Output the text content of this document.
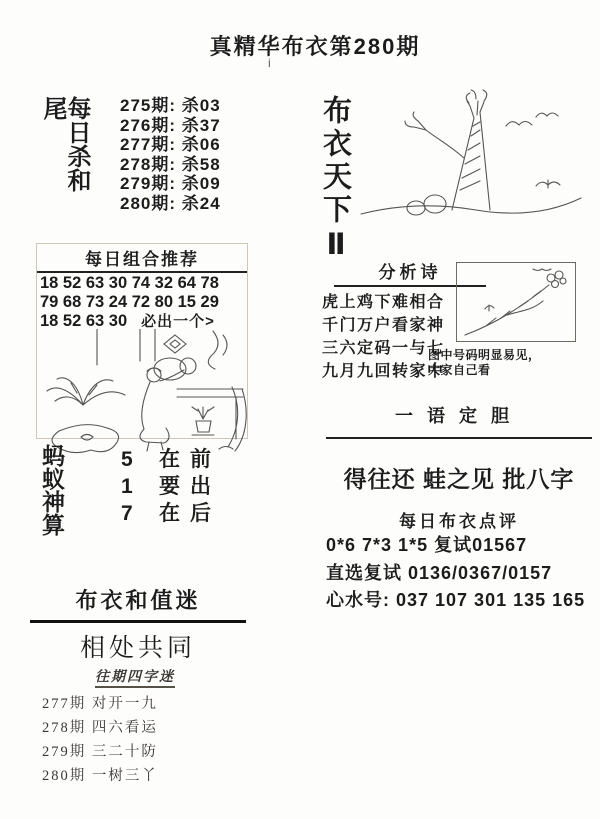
真精华布衣第280期
i
每日杀和尾	275期: 杀03
276期: 杀37
277期: 杀06
278期: 杀58
279期: 杀09
280期: 杀24
每日组合推荐
18 52 63 30 74 32 64 78
79 68 73 24 72 80 15 29
18 52 63 30 必出一个>
蚂蚁神算	5	在前
1	要出
7	在后
布衣和值迷
相处共同
往期四字迷
277期 对开一九
278期 四六看运
279期 三二十防
280期 一树三丫
布衣天下Ⅱ
分析诗
虎上鸡下难相合
千门万户看家神
三六定码一与七
九月九回转家中
图中号码明显易见，
大家自己看
一语定胆
得往还 蛙之见 批八字
每日布衣点评
0*6 7*3 1*5 复试01567
直选复试 0136/0367/0157
心水号: 037 107 301 135 165
